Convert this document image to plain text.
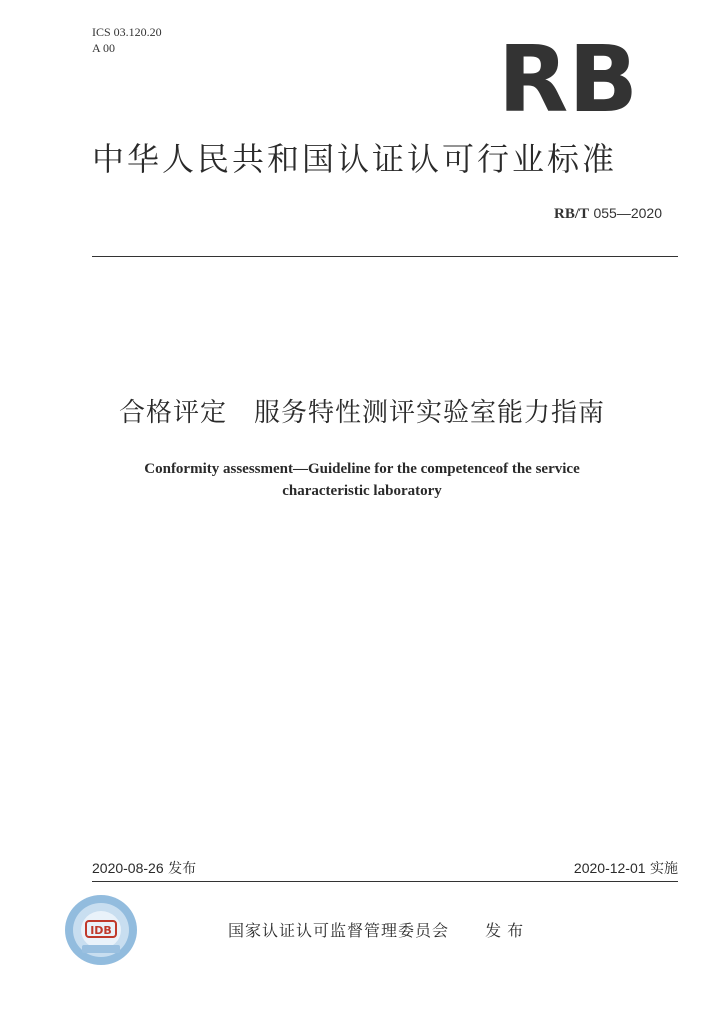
ICS 03.120.20
A 00	RB
中华人民共和国认证认可行业标准
RB/T 055—2020
合格评定　服务特性测评实验室能力指南
Conformity assessment—Guideline for the competenceof the service
characteristic laboratory
2020-08-26 发布	2020-12-01 实施
IDB	国家认证认可监督管理委员会 发布
